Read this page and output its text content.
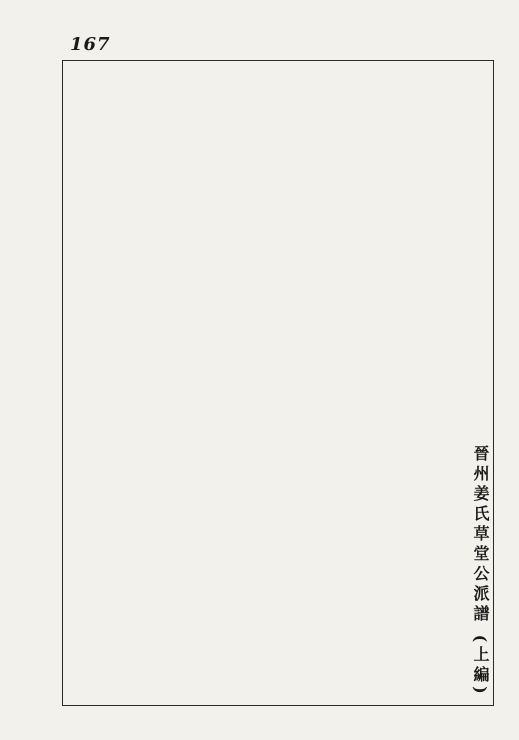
167
晉州姜氏草堂公派譜 (上編)
